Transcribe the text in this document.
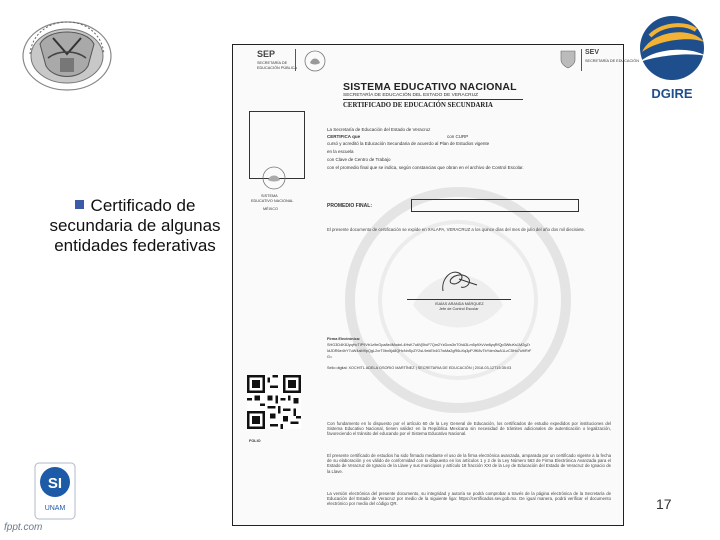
DGIRE
Certificado de secundaria de algunas entidades federativas
SI
UNAM
fppt.com
17
SEP
SECRETARÍA DE
EDUCACIÓN PÚBLICA
SEV
SECRETARÍA DE EDUCACIÓN
SISTEMA EDUCATIVO NACIONAL
SECRETARÍA DE EDUCACIÓN DEL ESTADO DE VERACRUZ
CERTIFICADO DE EDUCACIÓN SECUNDARIA
La Secretaría de Educación del Estado de Veracruz
CERTIFICA que	con CURP
cursó y acreditó la Educación Secundaria de acuerdo al Plan de Estudios vigente
en la escuela
con Clave de Centro de Trabajo
con el promedio final que se indica, según constancias que obran en el archivo de Control Escolar.
SISTEMA
EDUCATIVO NACIONAL
MÉXICO	PROMEDIO FINAL:
El presente documento de certificación se expide en XALAPA, VERACRUZ a los quince días del mes de julio del año dos mil diecisiete.
ISAÍAS ARANDA MÁRQUEZ
Jefe de Control Escolar
Firma Electrónica:
SHG3D4K8JyqHcTIP9Vb1z9eGpa8e4ModnL4HsK7u6Vj5tcF7Qm2YzDcw3nT0hA3Lm5p9XvVw8yqRfQp3WtuKs1M2gZr
IdJDR6e4hY7uW4aM9pQgL2xrT0bn5jd8QHcNnSpZY2sL9ekEh4G7wMa2gR6uXq3pPJfK8vTbYdm0wA1LzC5Ho7u9iRrF
G=
Sello digital: XOCHITL ADELA OSORIO MARTÍNEZ | SECRETARIA DE EDUCACIÓN | 2018-03-12T15:35:03
FOLIO
Con fundamento en lo dispuesto por el artículo 60 de la Ley General de Educación, los certificados de estudio expedidos por instituciones del Sistema Educativo Nacional, tienen validez en la República Mexicana sin necesidad de trámites adicionales de autenticación o legalización, favoreciendo el tránsito del educando por el Sistema Educativo Nacional.
El presente certificado de estudios ha sido firmado mediante el uso de la firma electrónica avanzada, amparada por un certificado vigente a la fecha de su elaboración y es válido de conformidad con lo dispuesto en los artículos 1 y 2 de la Ley Número 563 de Firma Electrónica Avanzada para el Estado de Veracruz de Ignacio de la Llave y sus municipios y artículo 18 fracción XXI de la Ley de Educación del Estado de Veracruz de Ignacio de la Llave.
La versión electrónica del presente documento, su integridad y autoría se podrá comprobar a través de la página electrónica de la Secretaría de Educación del Estado de Veracruz por medio de la siguiente liga: https://certificados.sev.gob.mx. De igual manera, podrá verificar el documento electrónico por medio del código QR.
